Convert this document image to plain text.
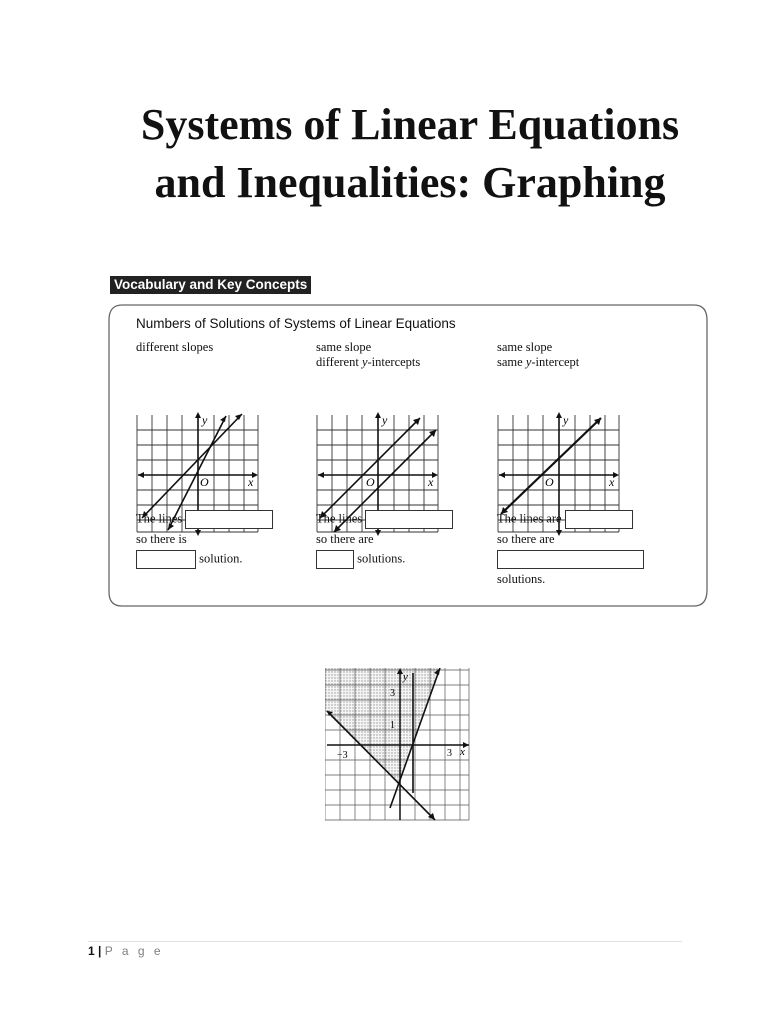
Systems of Linear Equations
and Inequalities: Graphing
Vocabulary and Key Concepts
Numbers of Solutions of Systems of Linear Equations
different slopes
y
x
O
The lines
so there is
solution.
same slope
different y-intercepts
y
x
O
The lines
so there are
solutions.
same slope
same y-intercept
y
x
O
The lines are
so there are
solutions.
y
x
3
1
−3	3
1 | P a g e
